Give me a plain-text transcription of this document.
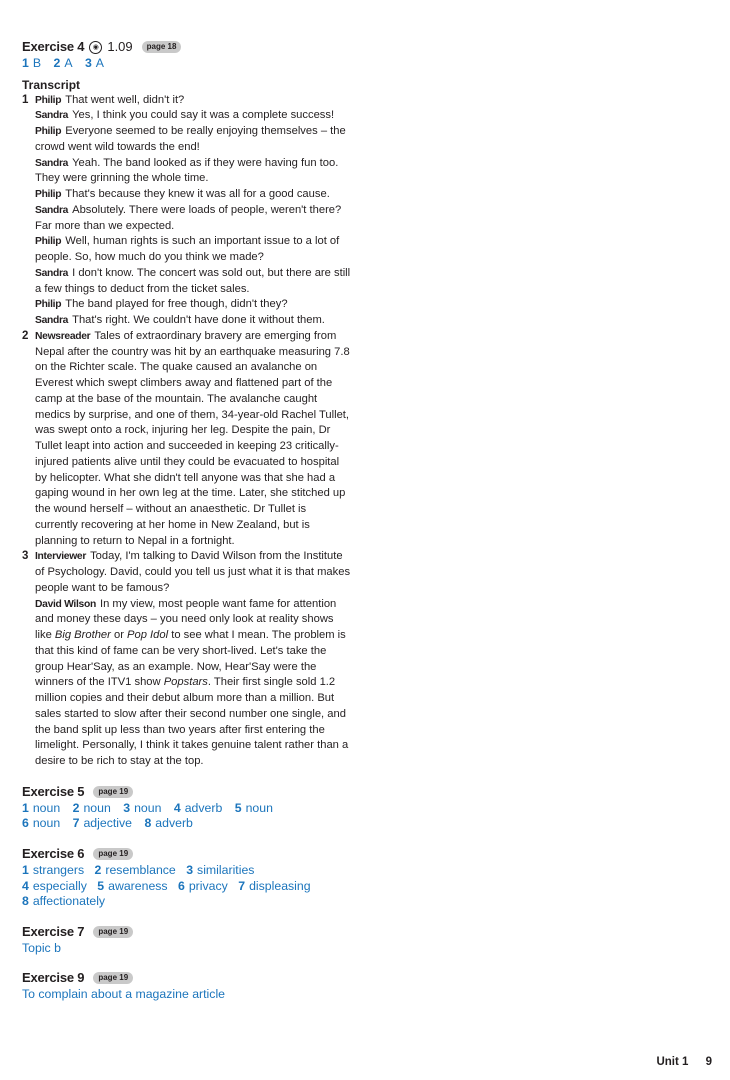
Exercise 4	◉ 1.09	page 18
1 B 2 A 3 A
Transcript
1 Philip That went well, didn't it?
Sandra Yes, I think you could say it was a complete success!
Philip Everyone seemed to be really enjoying themselves – the crowd went wild towards the end!
Sandra Yeah. The band looked as if they were having fun too. They were grinning the whole time.
Philip That's because they knew it was all for a good cause.
Sandra Absolutely. There were loads of people, weren't there? Far more than we expected.
Philip Well, human rights is such an important issue to a lot of people. So, how much do you think we made?
Sandra I don't know. The concert was sold out, but there are still a few things to deduct from the ticket sales.
Philip The band played for free though, didn't they?
Sandra That's right. We couldn't have done it without them.
2 Newsreader Tales of extraordinary bravery are emerging from Nepal after the country was hit by an earthquake measuring 7.8 on the Richter scale. The quake caused an avalanche on Everest which swept climbers away and flattened part of the camp at the base of the mountain. The avalanche caught medics by surprise, and one of them, 34-year-old Rachel Tullet, was swept onto a rock, injuring her leg. Despite the pain, Dr Tullet leapt into action and succeeded in keeping 23 critically-injured patients alive until they could be evacuated to hospital by helicopter. What she didn't tell anyone was that she had a gaping wound in her own leg at the time. Later, she stitched up the wound herself – without an anaesthetic. Dr Tullet is currently recovering at her home in New Zealand, but is planning to return to Nepal in a fortnight.
3 Interviewer Today, I'm talking to David Wilson from the Institute of Psychology. David, could you tell us just what it is that makes people want to be famous?
David Wilson In my view, most people want fame for attention and money these days – you need only look at reality shows like Big Brother or Pop Idol to see what I mean. The problem is that this kind of fame can be very short-lived. Let's take the group Hear'Say, as an example. Now, Hear'Say were the winners of the ITV1 show Popstars. Their first single sold 1.2 million copies and their debut album more than a million. But sales started to slow after their second number one single, and the band split up less than two years after first entering the limelight. Personally, I think it takes genuine talent rather than a desire to be rich to stay at the top.
Exercise 5	page 19
1 noun 2 noun 3 noun 4 adverb 5 noun
6 noun 7 adjective 8 adverb
Exercise 6	page 19
1 strangers 2 resemblance 3 similarities
4 especially 5 awareness 6 privacy 7 displeasing
8 affectionately
Exercise 7	page 19
Topic b
Exercise 9	page 19
To complain about a magazine article
Unit 1 9
